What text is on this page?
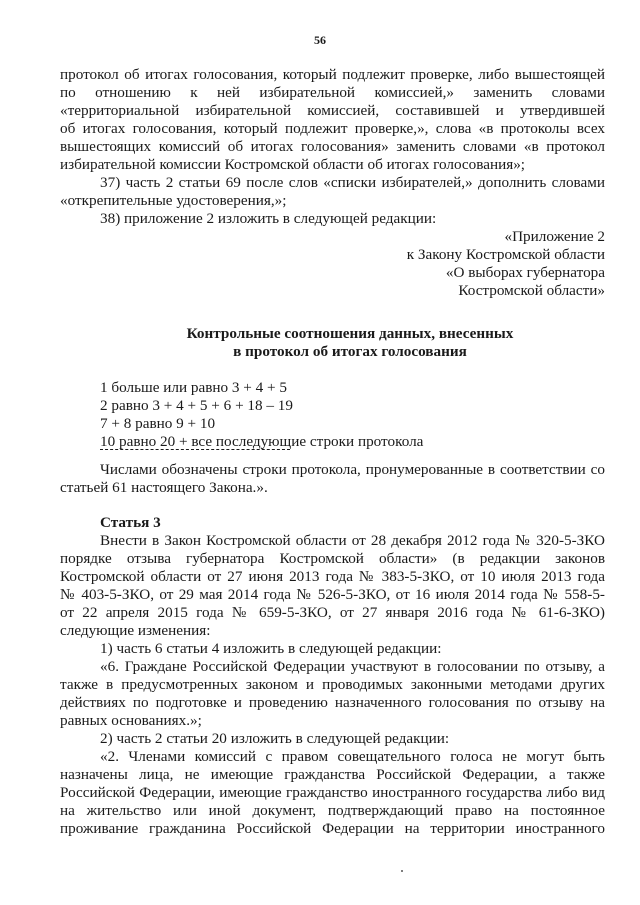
56
протокол об итогах голосования, который подлежит проверке, либо вышестоящей
по отношению к ней избирательной комиссией,» заменить словами
«территориальной избирательной комиссией, составившей и утвердившей
об итогах голосования, который подлежит проверке,», слова «в протоколы всех
вышестоящих комиссий об итогах голосования» заменить словами «в протокол
избирательной комиссии Костромской области об итогах голосования»;
37) часть 2 статьи 69 после слов «списки избирателей,» дополнить словами
«открепительные удостоверения,»;
38) приложение 2 изложить в следующей редакции:
«Приложение 2
к Закону Костромской области
«О выборах губернатора
Костромской области»
Контрольные соотношения данных, внесенных
в протокол об итогах голосования
1 больше или равно 3 + 4 + 5
2 равно 3 + 4 + 5 + 6 + 18 – 19
7 + 8 равно 9 + 10
10 равно 20 + все последующие строки протокола
Числами обозначены строки протокола, пронумерованные в соответствии со
статьей 61 настоящего Закона.».
Статья 3
Внести в Закон Костромской области от 28 декабря 2012 года № 320-5-ЗКО
порядке отзыва губернатора Костромской области» (в редакции законов
Костромской области от 27 июня 2013 года № 383-5-ЗКО, от 10 июля 2013 года
№ 403-5-ЗКО, от 29 мая 2014 года № 526-5-ЗКО, от 16 июля 2014 года № 558-5-
от 22 апреля 2015 года № 659-5-ЗКО, от 27 января 2016 года № 61-6-ЗКО)
следующие изменения:
1) часть 6 статьи 4 изложить в следующей редакции:
«6. Граждане Российской Федерации участвуют в голосовании по отзыву, а
также в предусмотренных законом и проводимых законными методами других
действиях по подготовке и проведению назначенного голосования по отзыву на
равных основаниях.»;
2) часть 2 статьи 20 изложить в следующей редакции:
«2. Членами комиссий с правом совещательного голоса не могут быть
назначены лица, не имеющие гражданства Российской Федерации, а также
Российской Федерации, имеющие гражданство иностранного государства либо вид
на жительство или иной документ, подтверждающий право на постоянное
проживание гражданина Российской Федерации на территории иностранного
